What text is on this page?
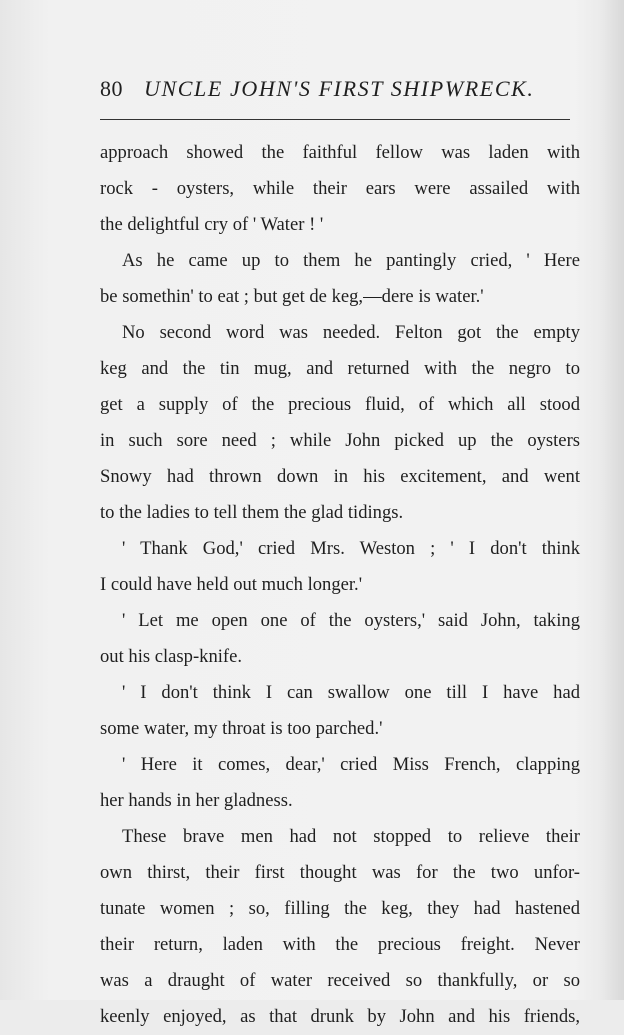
80 UNCLE JOHN'S FIRST SHIPWRECK.
approach showed the faithful fellow was laden with
rock - oysters, while their ears were assailed with
the delightful cry of ' Water ! '
As he came up to them he pantingly cried, ' Here
be somethin' to eat ; but get de keg,—dere is water.'
No second word was needed. Felton got the empty
keg and the tin mug, and returned with the negro to
get a supply of the precious fluid, of which all stood
in such sore need ; while John picked up the oysters
Snowy had thrown down in his excitement, and went
to the ladies to tell them the glad tidings.
' Thank God,' cried Mrs. Weston ; ' I don't think
I could have held out much longer.'
' Let me open one of the oysters,' said John, taking
out his clasp-knife.
' I don't think I can swallow one till I have had
some water, my throat is too parched.'
' Here it comes, dear,' cried Miss French, clapping
her hands in her gladness.
These brave men had not stopped to relieve their
own thirst, their first thought was for the two unfor-
tunate women ; so, filling the keg, they had hastened
their return, laden with the precious freight. Never
was a draught of water received so thankfully, or so
keenly enjoyed, as that drunk by John and his friends,
